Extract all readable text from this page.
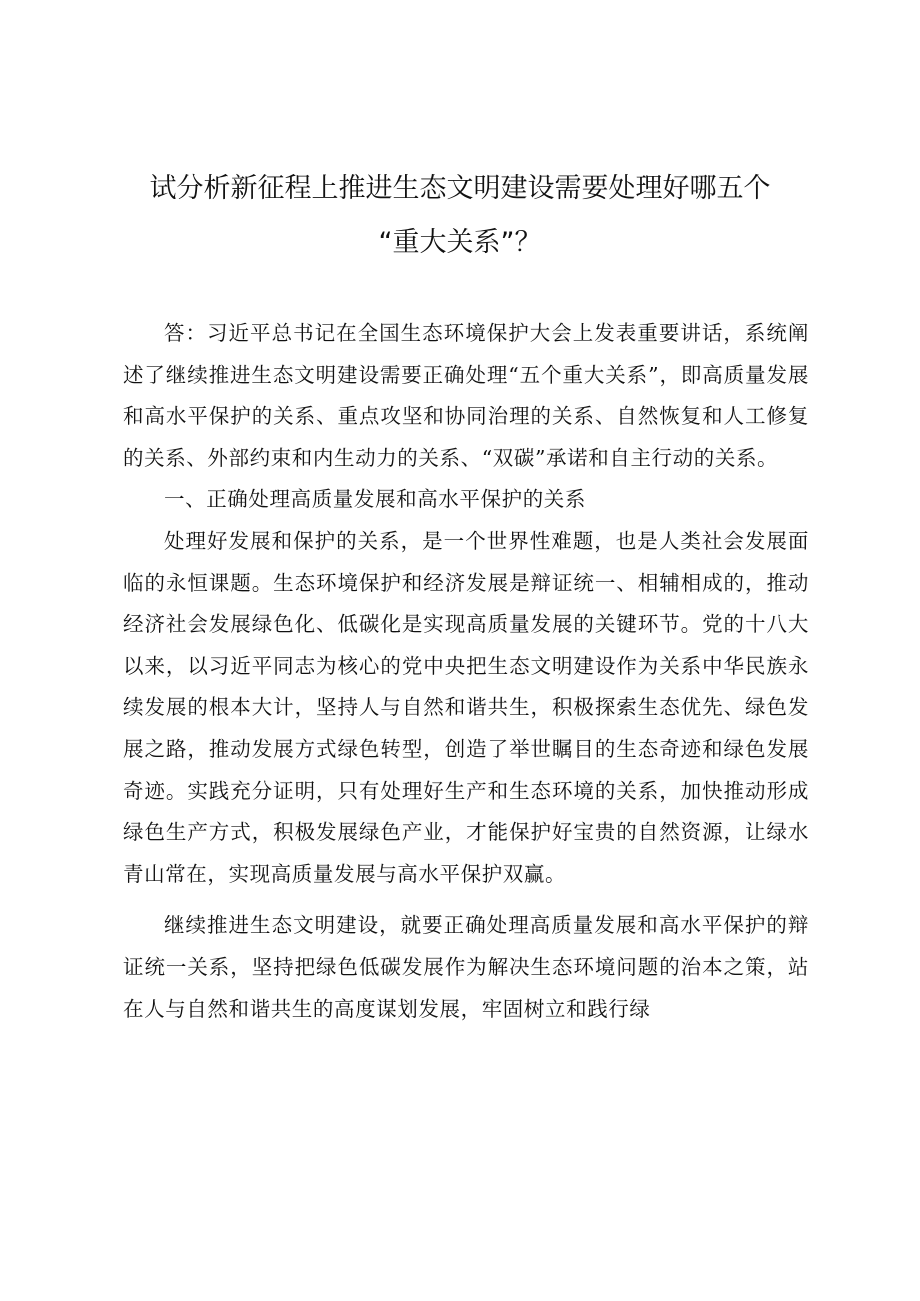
试分析新征程上推进生态文明建设需要处理好哪五个
“重大关系”？

答：习近平总书记在全国生态环境保护大会上发表重要讲话，系统阐述了继续推进生态文明建设需要正确处理“五个重大关系”，即高质量发展和高水平保护的关系、重点攻坚和协同治理的关系、自然恢复和人工修复的关系、外部约束和内生动力的关系、“双碳”承诺和自主行动的关系。

一、正确处理高质量发展和高水平保护的关系

处理好发展和保护的关系，是一个世界性难题，也是人类社会发展面临的永恒课题。生态环境保护和经济发展是辩证统一、相辅相成的，推动经济社会发展绿色化、低碳化是实现高质量发展的关键环节。党的十八大以来，以习近平同志为核心的党中央把生态文明建设作为关系中华民族永续发展的根本大计，坚持人与自然和谐共生，积极探索生态优先、绿色发展之路，推动发展方式绿色转型，创造了举世瞩目的生态奇迹和绿色发展奇迹。实践充分证明，只有处理好生产和生态环境的关系，加快推动形成绿色生产方式，积极发展绿色产业，才能保护好宝贵的自然资源，让绿水青山常在，实现高质量发展与高水平保护双赢。

继续推进生态文明建设，就要正确处理高质量发展和高水平保护的辩证统一关系，坚持把绿色低碳发展作为解决生态环境问题的治本之策，站在人与自然和谐共生的高度谋划发展，牢固树立和践行绿
